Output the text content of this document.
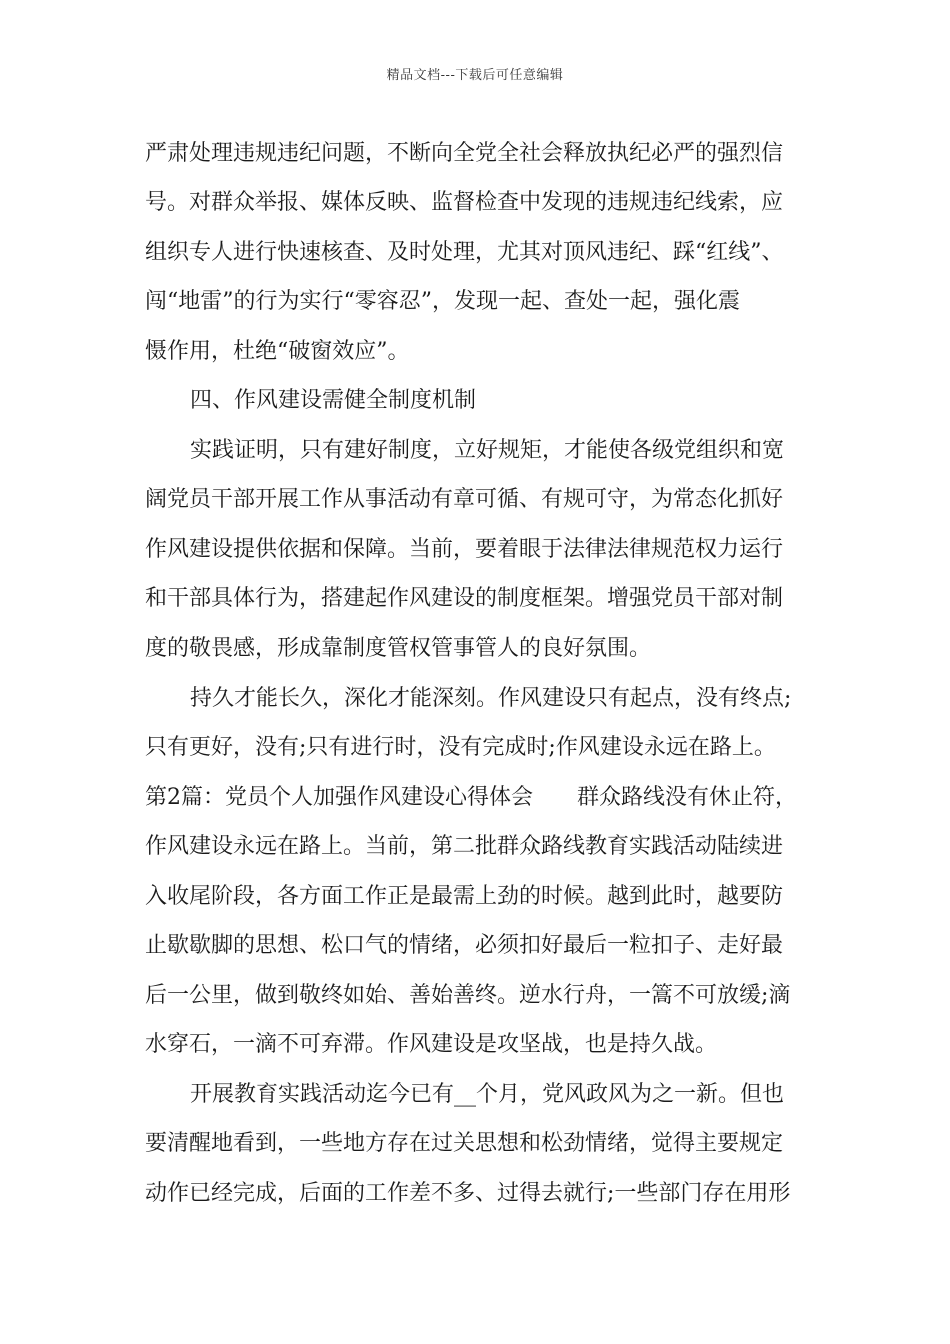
精品文档---下载后可任意编辑
严肃处理违规违纪问题，不断向全党全社会释放执纪必严的强烈信
号。对群众举报、媒体反映、监督检查中发现的违规违纪线索，应
组织专人进行快速核查、及时处理，尤其对顶风违纪、踩“红线”、
闯“地雷”的行为实行“零容忍”，发现一起、查处一起，强化震
慑作用，杜绝“破窗效应”。
四、作风建设需健全制度机制
实践证明，只有建好制度，立好规矩，才能使各级党组织和宽
阔党员干部开展工作从事活动有章可循、有规可守，为常态化抓好
作风建设提供依据和保障。当前，要着眼于法律法律规范权力运行
和干部具体行为，搭建起作风建设的制度框架。增强党员干部对制
度的敬畏感，形成靠制度管权管事管人的良好氛围。
持久才能长久，深化才能深刻。作风建设只有起点，没有终点;
只有更好，没有;只有进行时，没有完成时;作风建设永远在路上。
第2篇：党员个人加强作风建设心得体会　　群众路线没有休止符，
作风建设永远在路上。当前，第二批群众路线教育实践活动陆续进
入收尾阶段，各方面工作正是最需上劲的时候。越到此时，越要防
止歇歇脚的思想、松口气的情绪，必须扣好最后一粒扣子、走好最
后一公里，做到敬终如始、善始善终。逆水行舟，一篙不可放缓;滴
水穿石，一滴不可弃滞。作风建设是攻坚战，也是持久战。
开展教育实践活动迄今已有__个月，党风政风为之一新。但也
要清醒地看到，一些地方存在过关思想和松劲情绪，觉得主要规定
动作已经完成，后面的工作差不多、过得去就行;一些部门存在用形
